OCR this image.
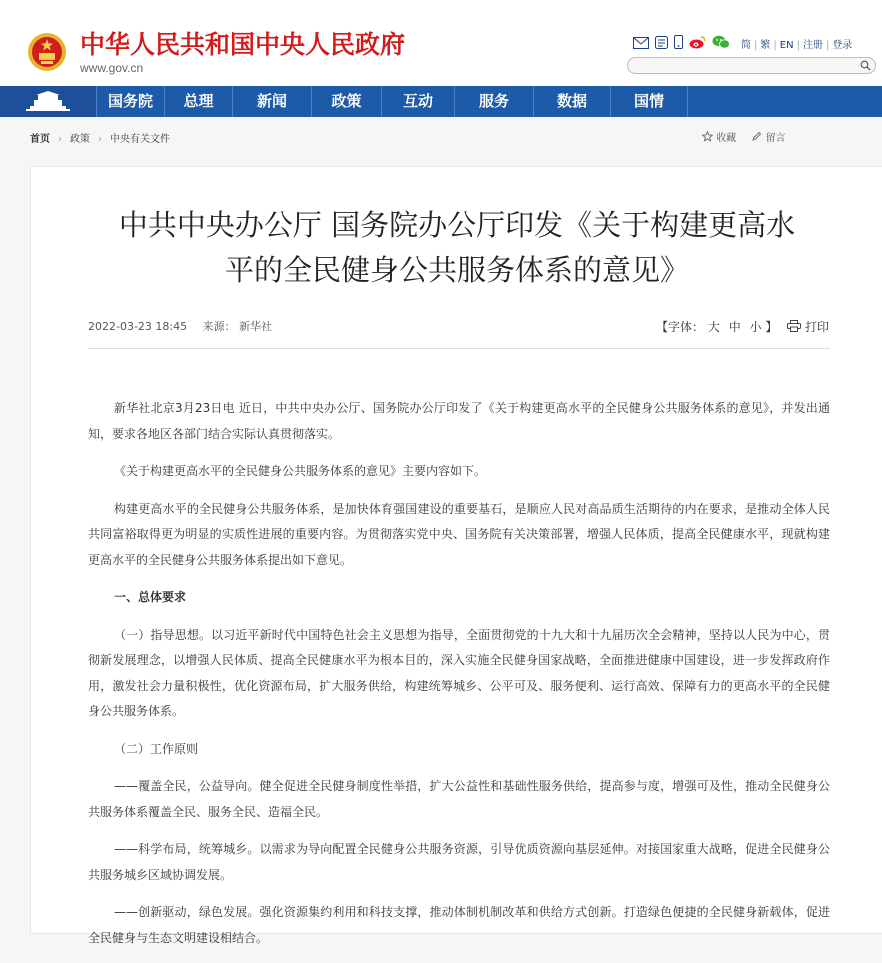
中华人民共和国中央人民政府
www.gov.cn
简 | 繁 | EN | 注册 | 登录
国务院	总理	新闻	政策	互动	服务	数据	国情
首页 › 政策 › 中央有关文件	收藏	留言
中共中央办公厅 国务院办公厅印发《关于构建更高水
平的全民健身公共服务体系的意见》
2022-03-23 18:45 来源： 新华社	【字体： 大 中 小 】 打印

新华社北京3月23日电 近日，中共中央办公厅、国务院办公厅印发了《关于构建更高水平的全民健身公共服务体系的意见》，并发出通知，要求各地区各部门结合实际认真贯彻落实。

《关于构建更高水平的全民健身公共服务体系的意见》主要内容如下。

构建更高水平的全民健身公共服务体系，是加快体育强国建设的重要基石，是顺应人民对高品质生活期待的内在要求，是推动全体人民共同富裕取得更为明显的实质性进展的重要内容。为贯彻落实党中央、国务院有关决策部署，增强人民体质，提高全民健康水平，现就构建更高水平的全民健身公共服务体系提出如下意见。

一、总体要求

（一）指导思想。以习近平新时代中国特色社会主义思想为指导，全面贯彻党的十九大和十九届历次全会精神，坚持以人民为中心，贯彻新发展理念，以增强人民体质、提高全民健康水平为根本目的，深入实施全民健身国家战略，全面推进健康中国建设，进一步发挥政府作用，激发社会力量积极性，优化资源布局，扩大服务供给，构建统筹城乡、公平可及、服务便利、运行高效、保障有力的更高水平的全民健身公共服务体系。

（二）工作原则

——覆盖全民，公益导向。健全促进全民健身制度性举措，扩大公益性和基础性服务供给，提高参与度，增强可及性，推动全民健身公共服务体系覆盖全民、服务全民、造福全民。

——科学布局，统筹城乡。以需求为导向配置全民健身公共服务资源，引导优质资源向基层延伸。对接国家重大战略，促进全民健身公共服务城乡区域协调发展。

——创新驱动，绿色发展。强化资源集约利用和科技支撑，推动体制机制改革和供给方式创新。打造绿色便捷的全民健身新载体，促进全民健身与生态文明建设相结合。
